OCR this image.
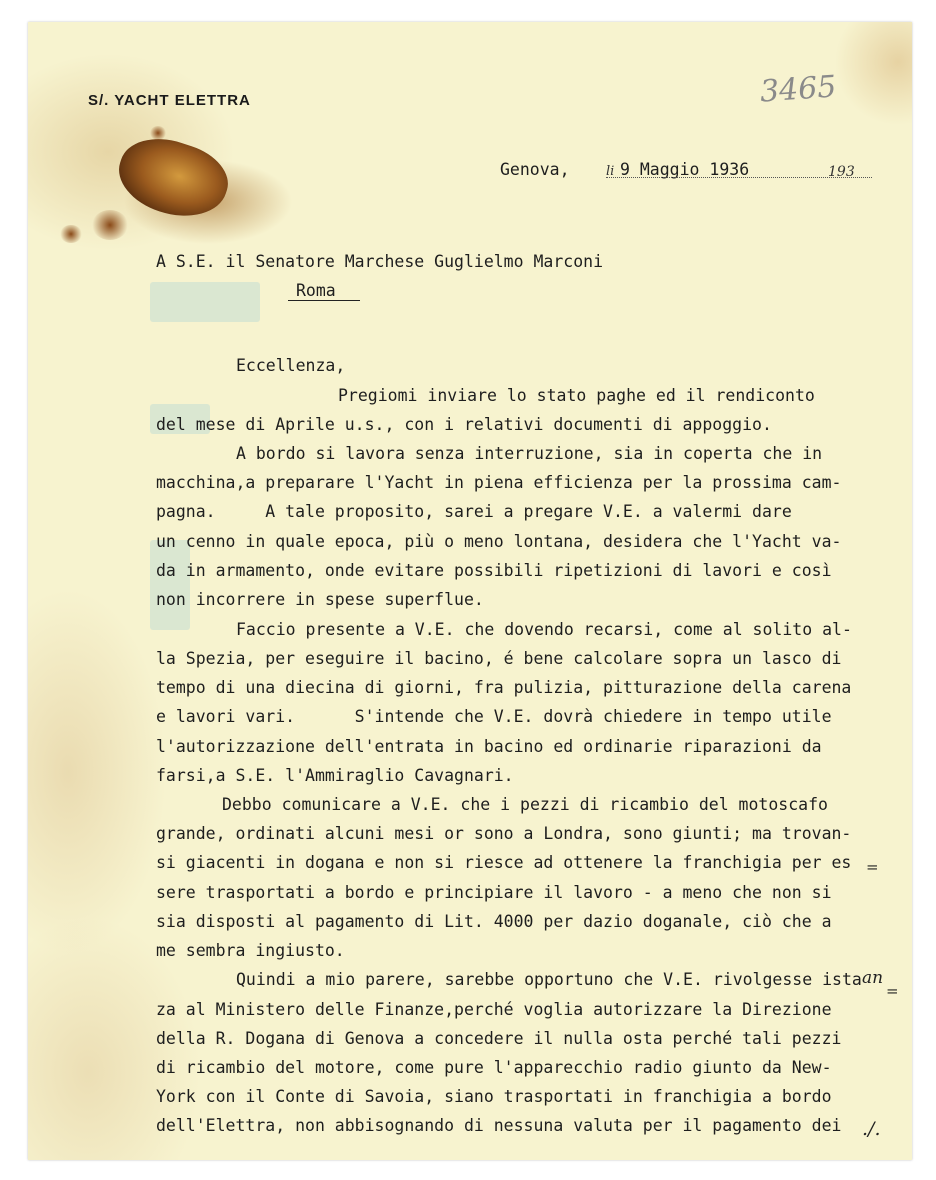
S/. YACHT ELETTRA	3465
Genova,	li 9 Maggio 1936	193
A S.E. il Senatore Marchese Guglielmo Marconi
Roma
Eccellenza,
Pregiomi inviare lo stato paghe ed il rendiconto
del mese di Aprile u.s., con i relativi documenti di appoggio.
A bordo si lavora senza interruzione, sia in coperta che in
macchina,a preparare l'Yacht in piena efficienza per la prossima cam-
pagna.     A tale proposito, sarei a pregare V.E. a valermi dare
un cenno in quale epoca, più o meno lontana, desidera che l'Yacht va-
da in armamento, onde evitare possibili ripetizioni di lavori e così
non incorrere in spese superflue.
Faccio presente a V.E. che dovendo recarsi, come al solito al-
la Spezia, per eseguire il bacino, é bene calcolare sopra un lasco di
tempo di una diecina di giorni, fra pulizia, pitturazione della carena
e lavori vari.      S'intende che V.E. dovrà chiedere in tempo utile
l'autorizzazione dell'entrata in bacino ed ordinarie riparazioni da
farsi,a S.E. l'Ammiraglio Cavagnari.
Debbo comunicare a V.E. che i pezzi di ricambio del motoscafo
grande, ordinati alcuni mesi or sono a Londra, sono giunti; ma trovan-
si giacenti in dogana e non si riesce ad ottenere la franchigia per es
sere trasportati a bordo e principiare il lavoro - a meno che non si
sia disposti al pagamento di Lit. 4000 per dazio doganale, ciò che a
me sembra ingiusto.
Quindi a mio parere, sarebbe opportuno che V.E. rivolgesse ista
za al Ministero delle Finanze,perché voglia autorizzare la Direzione
della R. Dogana di Genova a concedere il nulla osta perché tali pezzi
di ricambio del motore, come pure l'apparecchio radio giunto da New-
York con il Conte di Savoia, siano trasportati in franchigia a bordo
dell'Elettra, non abbisognando di nessuna valuta per il pagamento dei
an
./.
=
=
